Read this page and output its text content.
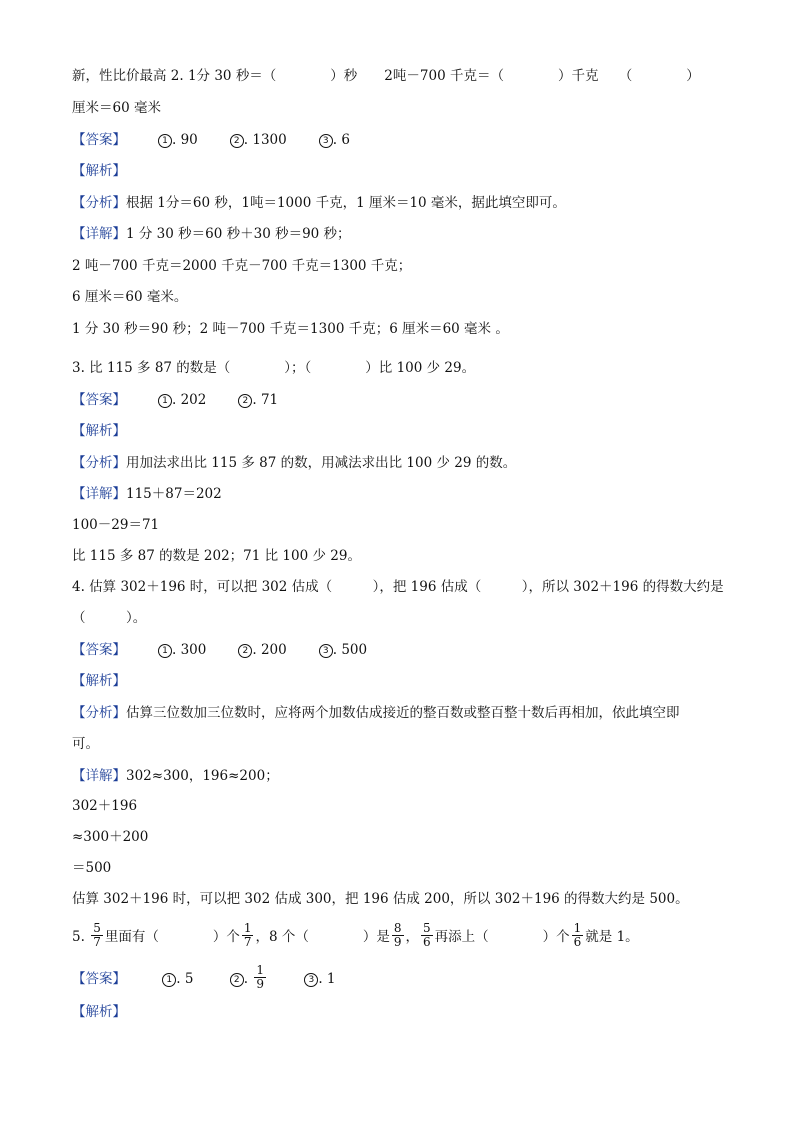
新，性比价最高 2. 1分 30 秒＝（　　　　）秒　　2吨－700 千克＝（　　　　）千克　　（　　　　）
厘米＝60 毫米
【答案】	1 . 90	2 . 1300	3 . 6
【解析】
【分析】根据 1分＝60 秒，1吨＝1000 千克，1 厘米＝10 毫米，据此填空即可。
【详解】1 分 30 秒＝60 秒＋30 秒＝90 秒；
2 吨－700 千克＝2000 千克－700 千克＝1300 千克；
6 厘米＝60 毫米。
1 分 30 秒＝90 秒；2 吨－700 千克＝1300 千克；6 厘米＝60 毫米 。
3. 比 115 多 87 的数是（　　　　）；（　　　　）比 100 少 29。
【答案】	1 . 202	2 . 71
【解析】
【分析】用加法求出比 115 多 87 的数，用减法求出比 100 少 29 的数。
【详解】115＋87＝202
100－29＝71
比 115 多 87 的数是 202；71 比 100 少 29。
4. 估算 302＋196 时，可以把 302 估成（　　　），把 196 估成（　　　），所以 302＋196 的得数大约是
（　　　）。
【答案】	1 . 300	2 . 200	3 . 500
【解析】
【分析】估算三位数加三位数时，应将两个加数估成接近的整百数或整百整十数后再相加，依此填空即
可。
【详解】302≈300，196≈200；
302＋196
≈300＋200
＝500
估算 302＋196 时，可以把 302 估成 300，把 196 估成 200，所以 302＋196 的得数大约是 500。
5. $\frac{5}{7}$ 里面有（　　　　）个 $\frac{1}{7}$ ，8 个（　　　　）是 $\frac{8}{9}$ ， $\frac{5}{6}$ 再添上（　　　　）个 $\frac{1}{6}$ 就是 1。
【答案】	1 . 5	2 . $\frac{1}{9}$	3 . 1
【解析】
